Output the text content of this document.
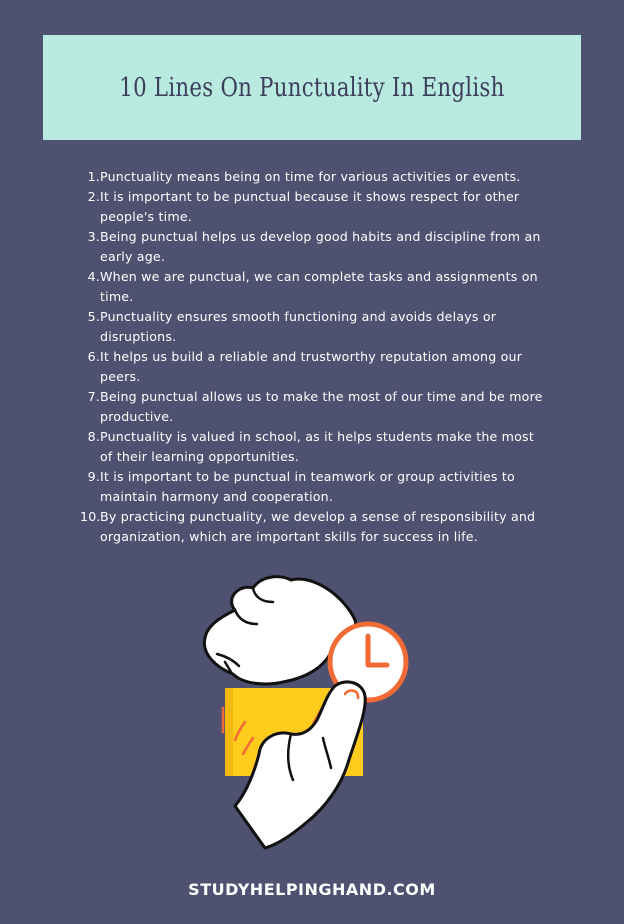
10 Lines On Punctuality In English
1. Punctuality means being on time for various activities or events.
2. It is important to be punctual because it shows respect for other people's time.
3. Being punctual helps us develop good habits and discipline from an early age.
4. When we are punctual, we can complete tasks and assignments on time.
5. Punctuality ensures smooth functioning and avoids delays or disruptions.
6. It helps us build a reliable and trustworthy reputation among our peers.
7. Being punctual allows us to make the most of our time and be more productive.
8. Punctuality is valued in school, as it helps students make the most of their learning opportunities.
9. It is important to be punctual in teamwork or group activities to maintain harmony and cooperation.
10. By practicing punctuality, we develop a sense of responsibility and organization, which are important skills for success in life.
STUDYHELPINGHAND.COM
